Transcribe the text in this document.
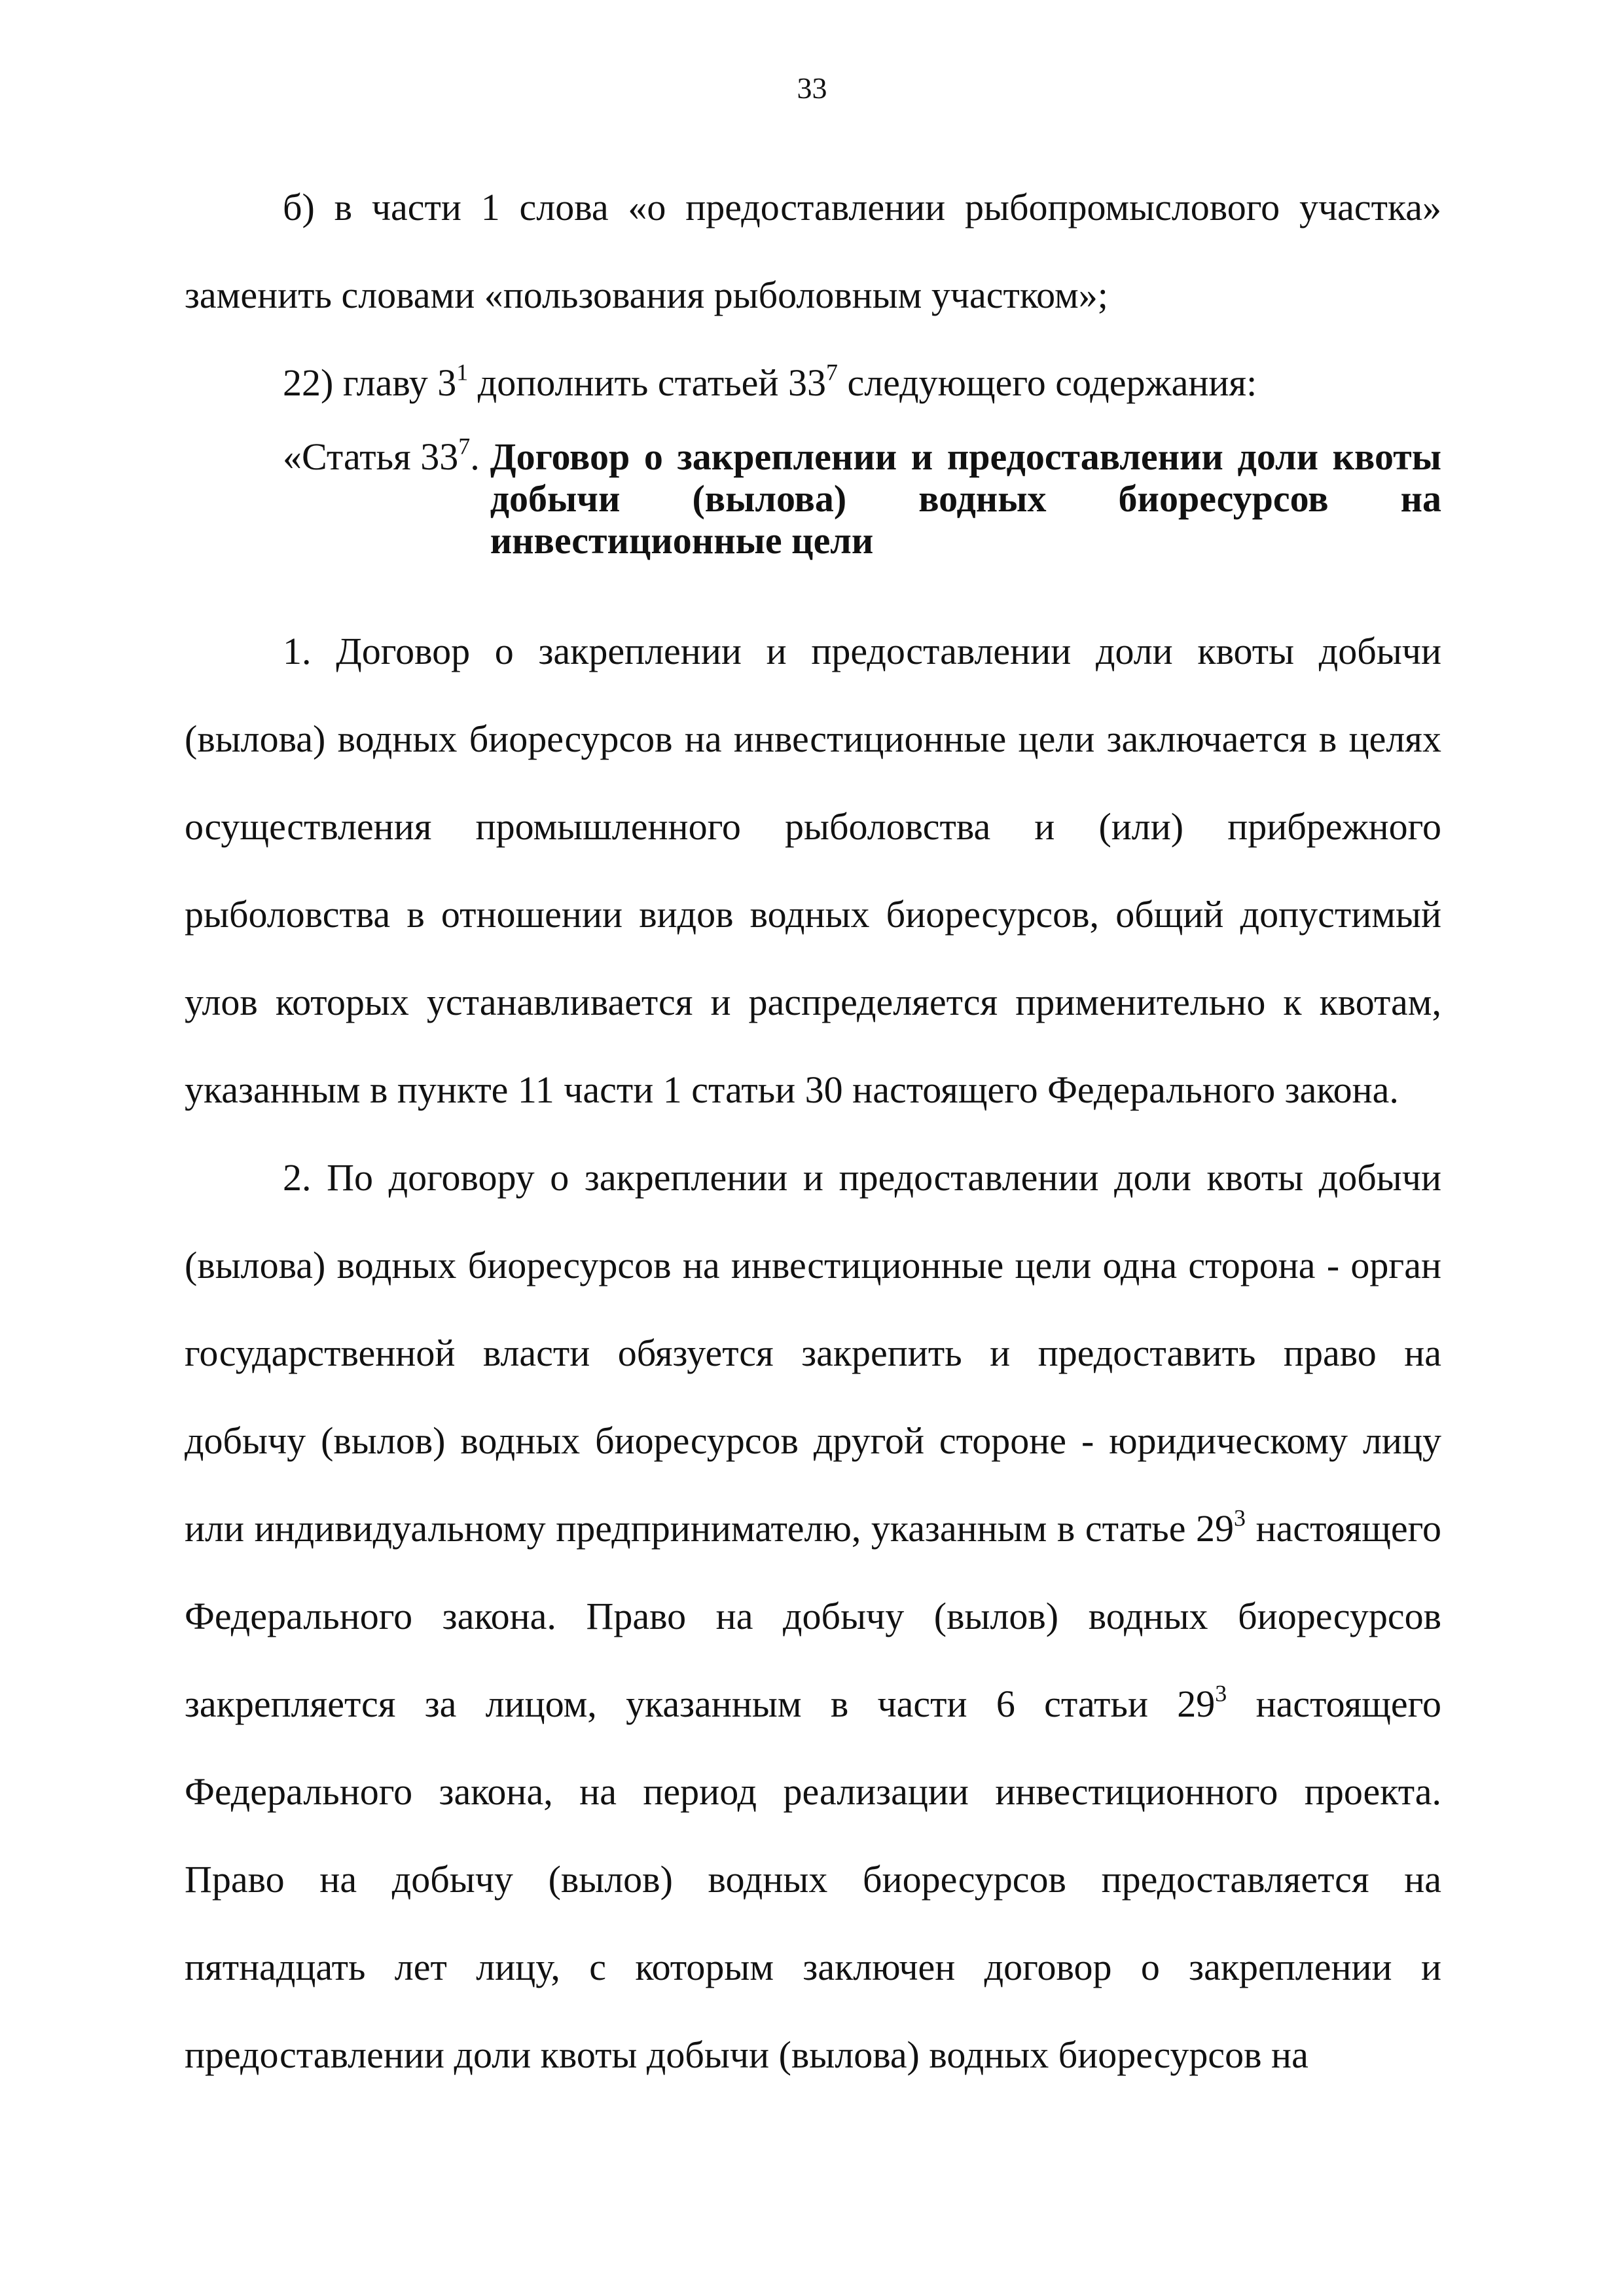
33

б) в части 1 слова «о предоставлении рыбопромыслового участка» заменить словами «пользования рыболовным участком»;

22) главу $3^1$ дополнить статьей $33^7$ следующего содержания:

«Статья $33^7$. Договор о закреплении и предоставлении доли квоты добычи (вылова) водных биоресурсов на инвестиционные цели

1. Договор о закреплении и предоставлении доли квоты добычи (вылова) водных биоресурсов на инвестиционные цели заключается в целях осуществления промышленного рыболовства и (или) прибрежного рыболовства в отношении видов водных биоресурсов, общий допустимый улов которых устанавливается и распределяется применительно к квотам, указанным в пункте 11 части 1 статьи 30 настоящего Федерального закона.

2. По договору о закреплении и предоставлении доли квоты добычи (вылова) водных биоресурсов на инвестиционные цели одна сторона - орган государственной власти обязуется закрепить и предоставить право на добычу (вылов) водных биоресурсов другой стороне - юридическому лицу или индивидуальному предпринимателю, указанным в статье $29^3$ настоящего Федерального закона. Право на добычу (вылов) водных биоресурсов закрепляется за лицом, указанным в части 6 статьи $29^3$ настоящего Федерального закона, на период реализации инвестиционного проекта. Право на добычу (вылов) водных биоресурсов предоставляется на пятнадцать лет лицу, с которым заключен договор о закреплении и предоставлении доли квоты добычи (вылова) водных биоресурсов на
